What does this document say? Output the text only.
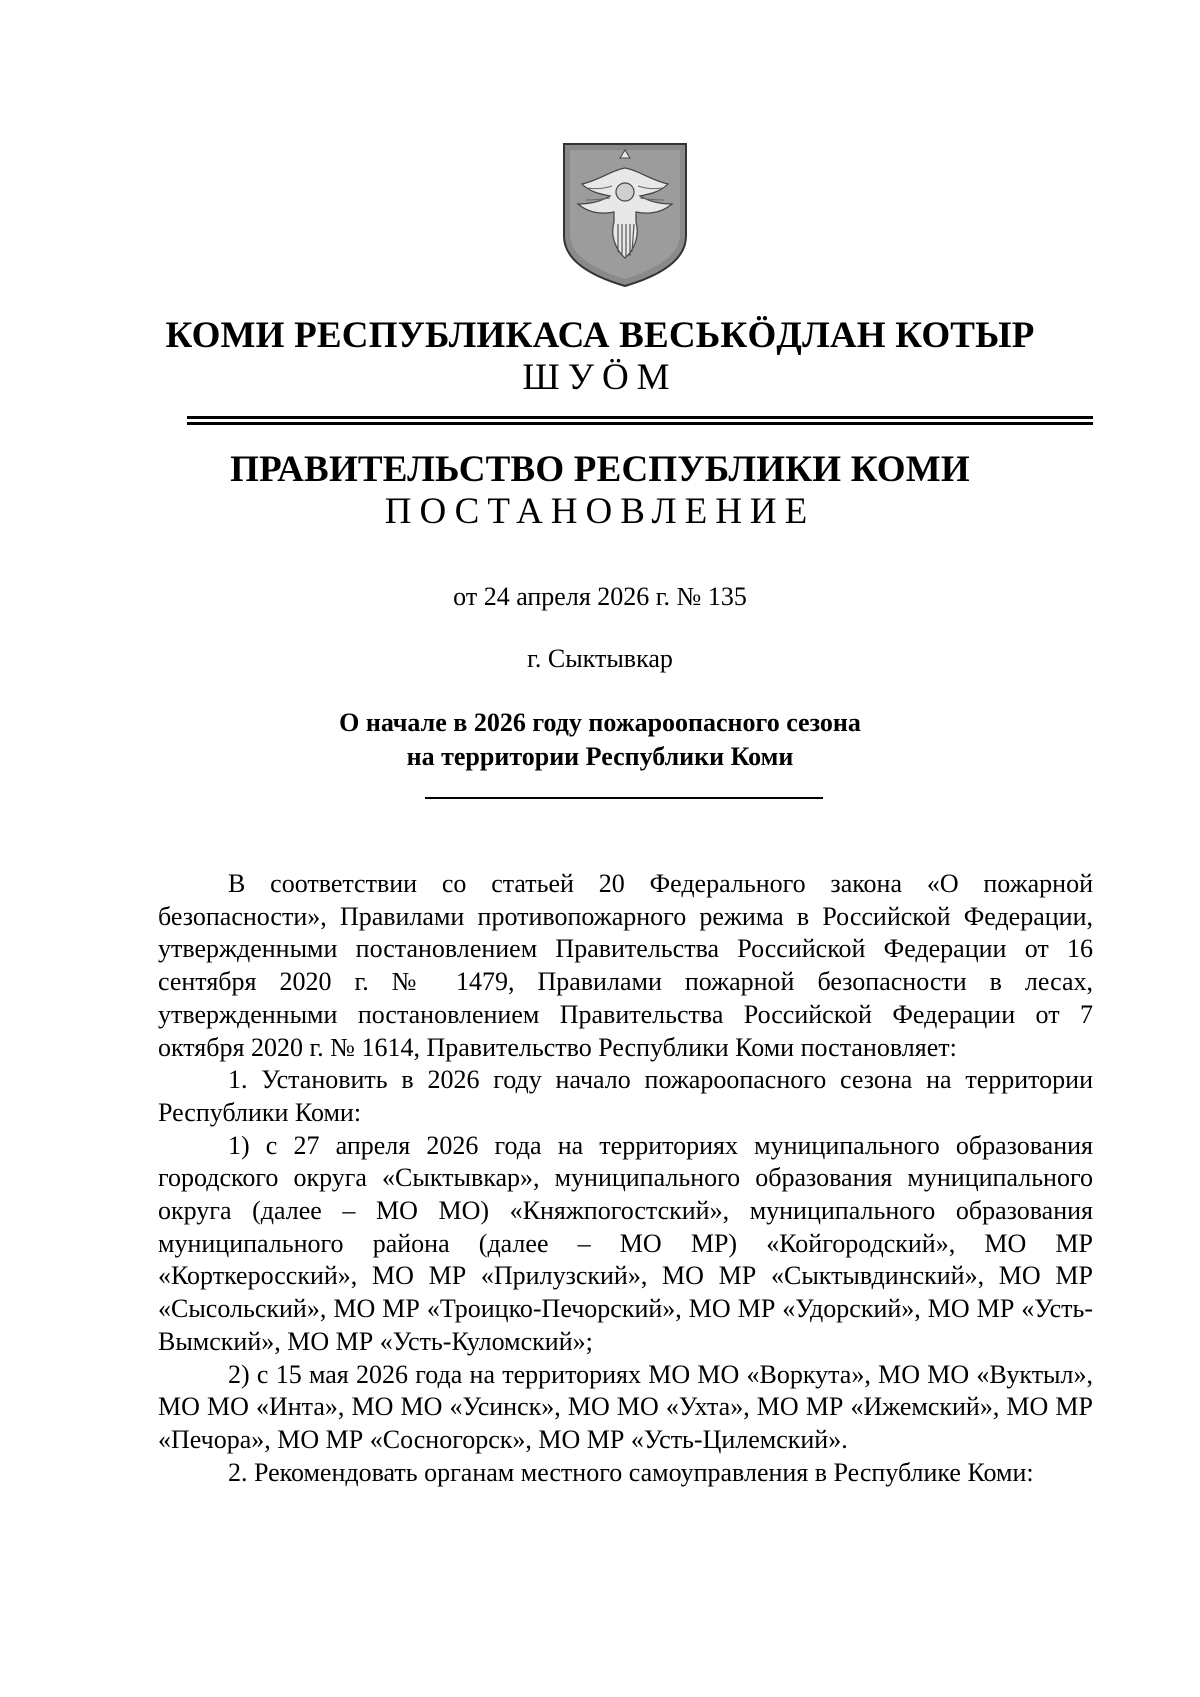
КОМИ РЕСПУБЛИКАСА ВЕСЬКӦДЛАН КОТЫР
ШУӦМ
ПРАВИТЕЛЬСТВО РЕСПУБЛИКИ КОМИ
ПОСТАНОВЛЕНИЕ
от 24 апреля 2026 г. № 135
г. Сыктывкар
О начале в 2026 году пожароопасного сезона
на территории Республики Коми

В соответствии со статьей 20 Федерального закона «О пожарной безопасности», Правилами противопожарного режима в Российской Федерации, утвержденными постановлением Правительства Российской Федерации от 16 сентября 2020 г. № 1479, Правилами пожарной безопасности в лесах, утвержденными постановлением Правительства Российской Федерации от 7 октября 2020 г. № 1614, Правительство Республики Коми постановляет:

1. Установить в 2026 году начало пожароопасного сезона на территории Республики Коми:

1) с 27 апреля 2026 года на территориях муниципального образования городского округа «Сыктывкар», муниципального образования муниципального округа (далее – МО МО) «Княжпогостский», муниципального образования муниципального района (далее – МО МР) «Койгородский», МО МР «Корткеросский», МО МР «Прилузский», МО МР «Сыктывдинский», МО МР «Сысольский», МО МР «Троицко-Печорский», МО МР «Удорский», МО МР «Усть-Вымский», МО МР «Усть-Куломский»;

2) с 15 мая 2026 года на территориях МО МО «Воркута», МО МО «Вуктыл», МО МО «Инта», МО МО «Усинск», МО МО «Ухта», МО МР «Ижемский», МО МР «Печора», МО МР «Сосногорск», МО МР «Усть-Цилемский».

2. Рекомендовать органам местного самоуправления в Республике Коми:
